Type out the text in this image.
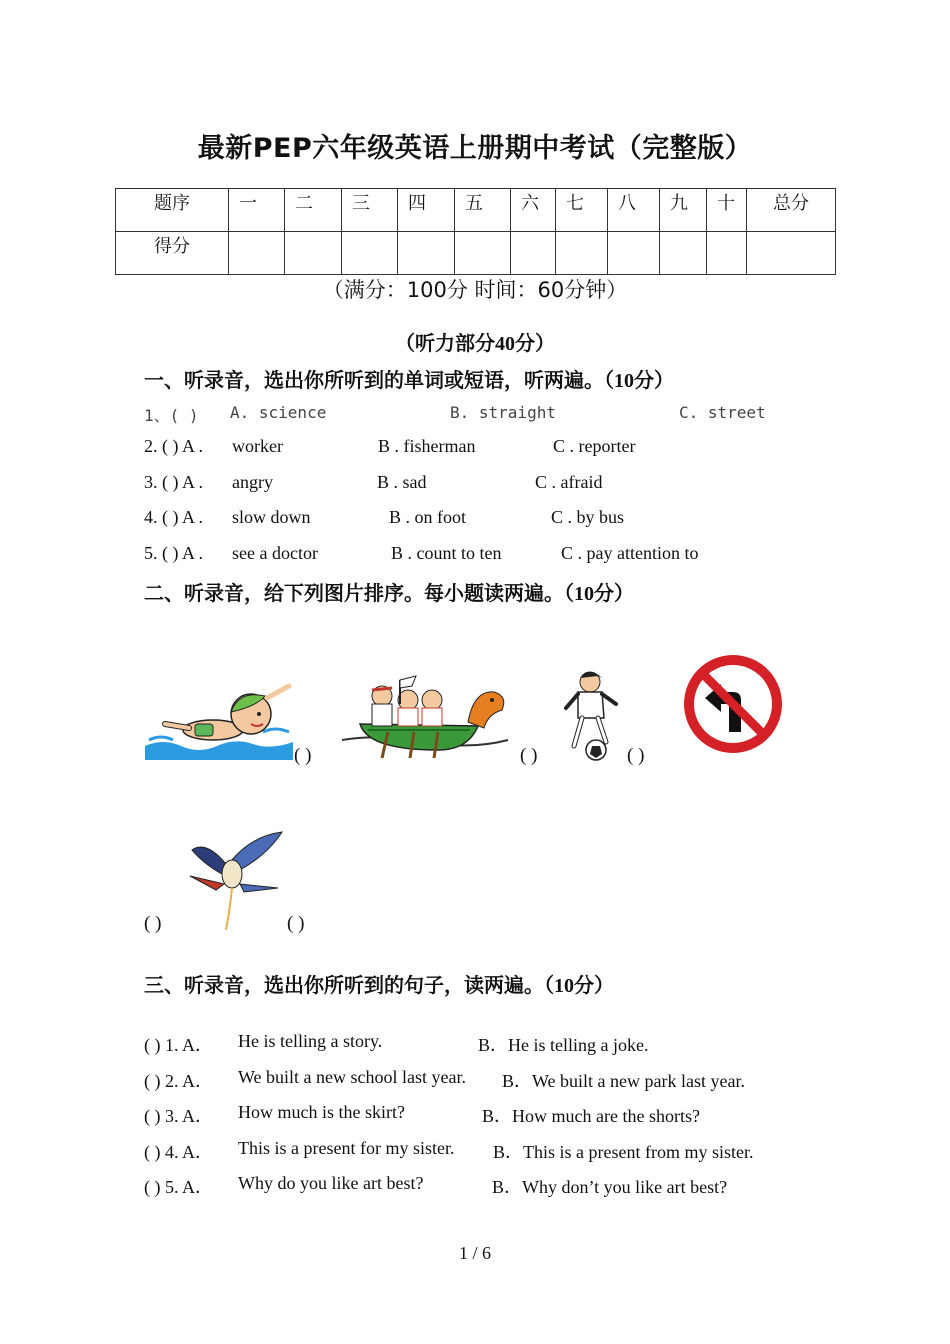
最新PEP六年级英语上册期中考试（完整版）
题序	一	二	三	四	五	六	七	八	九	十	总分
得分											
（满分：100分 时间：60分钟）
（听力部分40分）
一、听录音，选出你所听到的单词或短语，听两遍。（10分）
1、( ) A. science	B. straight	C. street
2. ( ) A . worker	B . fisherman	C . reporter
3. ( ) A . angry	B . sad	C . afraid
4. ( ) A . slow down	B . on foot	C . by bus
5. ( ) A . see a doctor	B . count to ten	C . pay attention to
二、听录音，给下列图片排序。每小题读两遍。（10分）
( )	( )	( )
( )	( )
三、听录音，选出你所听到的句子，读两遍。（10分）
( ) 1. A． He is telling a story.	B．He is telling a joke.
( ) 2. A． We built a new school last year. B．We built a new park last year.
( ) 3. A． How much is the skirt?	B．How much are the shorts?
( ) 4. A． This is a present for my sister. B．This is a present from my sister.
( ) 5. A． Why do you like art best?	B．Why don’t you like art best?
1 / 6
